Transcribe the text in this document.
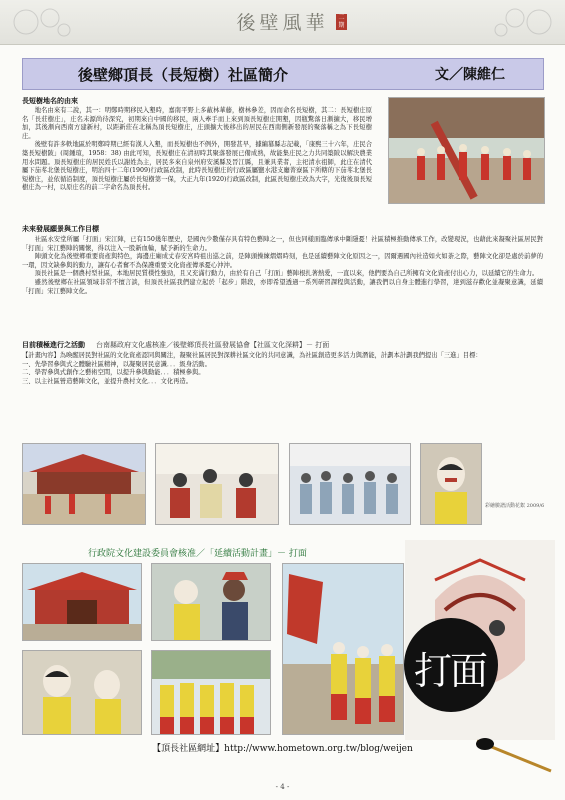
後壁風華	二期
後壁鄉頂長（長短樹）社區簡介	文／陳維仁
長短樹地名的由來
　　地名由來有二說，其一：明鄭時期移民入墾時，嘉南平野上多蔽林華藤，樹林參差，因而命名長短樹，其二：長短樹庄原名「長莊樹庄」，庄名未源尚待深究，初期來自中國的移民，兩人牽手而上來到頂長短樹庄開墾，因瓶驚落日漸擴大，移民增加，其後漸向西南方建新村，以距新莊在北稱為頂長短樹庄，庄頭擴大後移出的居民在西南側新發展的聚落稱之為下長短樹庄。
　　後壁有許多軼地區於明鄭時期已經有漢人入墾，而長短樹也不例外，開發甚早，據編纂縣志記載，「康熙三十六年，庄民合築長短樹陂」(周鍾瑄，1958：38) 由此可知，長短樹庄在清初時其聚落發展已備成熟，故能集庄民之力共同築陂以解決農業用水問題。頂長短樹庄的居民姓氏以謝姓為主，居民多來自泉州府安溪縣及晉江縣，且兼具業者，主祀清水祖師，此庄在清代屬下茄苳北堡長短樹庄，明治四十二年(1909)行政區改制，此時長短樹庄的行政區屬鹽水港支廳菁寮區下所轄的下茄苳北堡長短樹庄，並依循沿制度，頂長短樹庄屬於長短樹第一保，大正九年(1920)行政區改制，此區長短樹庄改為大字，光復後頂長短樹庄為一村，以原庄名的前二字命名為頂長村。
未來發展願景與工作目標
　　社區永安堂所屬「打面」宋江陣，已有150幾年歷史，是國內少數僅存具有特色藝陣之一，但也同樣面臨傳承中斷隱憂！社區積極推動傳承工作，改變現況，也藉此來凝聚社區居民對「打面」宋江藝陣的關懷，得以注入一股新血輪，賦予新的生命力。
　　陣頭文化為後壁鄉重要資產與特色，海邊庄廟成丈春安宮時祖出巡之前，是陣頭操練熠熠時刻，也是延續藝陣文化原因之一，因爾遇國內社造如火如荼之際，藝陣文化卻是處於前夢的一環，因文缺參與的動力，讓有心者奮不為保護重要文化資產傳承憂心沖沖。
　　頂長社區是一個農村型社區，本地居民質樸性強勁，且又充滿行動力，由於有自己「打面」藝陣根扎著熱愛，一直以來，他們要為自己所擁有文化資產付出心力，以延續它的生命力。
　　雖然後壁鄉在社區領域非常不擅言談，但頂長社區我們建立起於「起步」階段，亦即希望透過一系列研習課程與活動，讓我們以自身主體進行學習，達到滋存歡化並凝聚意識，延續「打面」宋江藝陣文化。
目前積極進行之活動 台南縣政府文化處核准／後壁鄉頂長社區發展協會【社區文化深耕】－ 打面
【計畫內容】為喚醒居民對社區的文化資產認同與關注，凝聚社區居民對深耕社區文化的共同意識，為社區創造更多活力與潛能，計劃本計劃我們提出「三進」目標：
一、先學習參與式之體驗社區精神，以凝聚居民意識．．．級身活動。
二、學習參與式創作之藝術空間，以提升參與動能．．．積極參與。
三、以主社區營造藝陣文化，並提升農村文化．．．文化再造。
彩繪臉譜活動花絮 2009/6
行政院文化建設委員會核准／「延續活動計畫」－ 打面
打面
【頂長社區網址】http://www.hometown.org.tw/blog/weijen
- 4 -
